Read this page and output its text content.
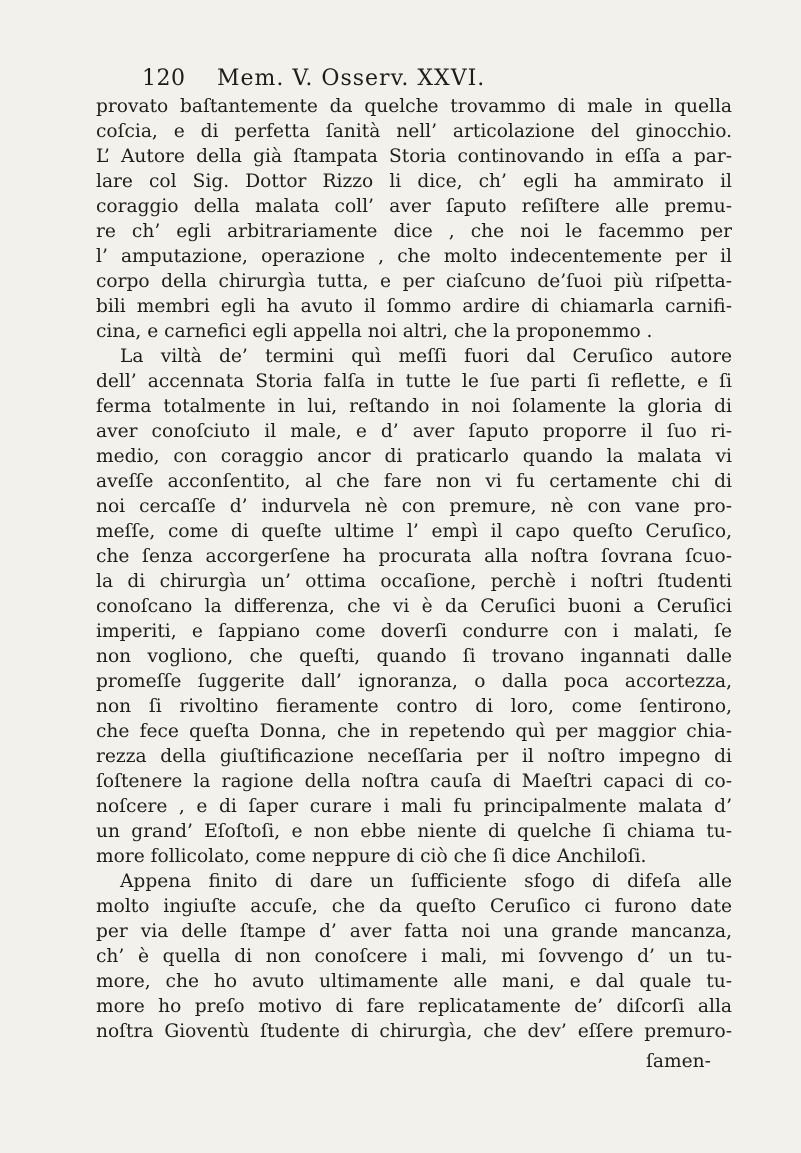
120 Mem. V. Osserv. XXVI.
provato baſtantemente da quelche trovammo di male in quella
coſcia, e di perfetta ſanità nell’ articolazione del ginocchio.
L’ Autore della già ſtampata Storia continovando in eſſa a par-
lare col Sig. Dottor Rizzo li dice, ch’ egli ha ammirato il
coraggio della malata coll’ aver ſaputo reſiſtere alle premu-
re ch’ egli arbitrariamente dice , che noi le facemmo per
l’ amputazione, operazione , che molto indecentemente per il
corpo della chirurgìa tutta, e per ciaſcuno de’ſuoi più riſpetta-
bili membri egli ha avuto il ſommo ardire di chiamarla carnifi-
cina, e carnefici egli appella noi altri, che la proponemmo .
La viltà de’ termini quì meſſi fuori dal Ceruſico autore
dell’ accennata Storia falſa in tutte le ſue parti ſi reflette, e ſi
ferma totalmente in lui, reſtando in noi ſolamente la gloria di
aver conoſciuto il male, e d’ aver ſaputo proporre il ſuo ri-
medio, con coraggio ancor di praticarlo quando la malata vi
aveſſe acconſentito, al che fare non vi fu certamente chi di
noi cercaſſe d’ indurvela nè con premure, nè con vane pro-
meſſe, come di queſte ultime l’ empì il capo queſto Ceruſico,
che ſenza accorgerſene ha procurata alla noſtra ſovrana ſcuo-
la di chirurgìa un’ ottima occaſione, perchè i noſtri ſtudenti
conoſcano la differenza, che vi è da Ceruſici buoni a Ceruſici
imperiti, e ſappiano come doverſi condurre con i malati, ſe
non vogliono, che queſti, quando ſi trovano ingannati dalle
promeſſe ſuggerite dall’ ignoranza, o dalla poca accortezza,
non ſi rivoltino fieramente contro di loro, come ſentirono,
che fece queſta Donna, che in repetendo quì per maggior chia-
rezza della giuſtificazione neceſſaria per il noſtro impegno di
ſoſtenere la ragione della noſtra cauſa di Maeſtri capaci di co-
noſcere , e di ſaper curare i mali fu principalmente malata d’
un grand’ Eſoſtoſi, e non ebbe niente di quelche ſi chiama tu-
more follicolato, come neppure di ciò che ſi dice Anchiloſi.
Appena finito di dare un ſufficiente sfogo di difeſa alle
molto ingiuſte accuſe, che da queſto Ceruſico ci furono date
per via delle ſtampe d’ aver fatta noi una grande mancanza,
ch’ è quella di non conoſcere i mali, mi ſovvengo d’ un tu-
more, che ho avuto ultimamente alle mani, e dal quale tu-
more ho preſo motivo di fare replicatamente de’ diſcorſi alla
noſtra Gioventù ſtudente di chirurgìa, che dev’ eſſere premuro-
ſamen-
